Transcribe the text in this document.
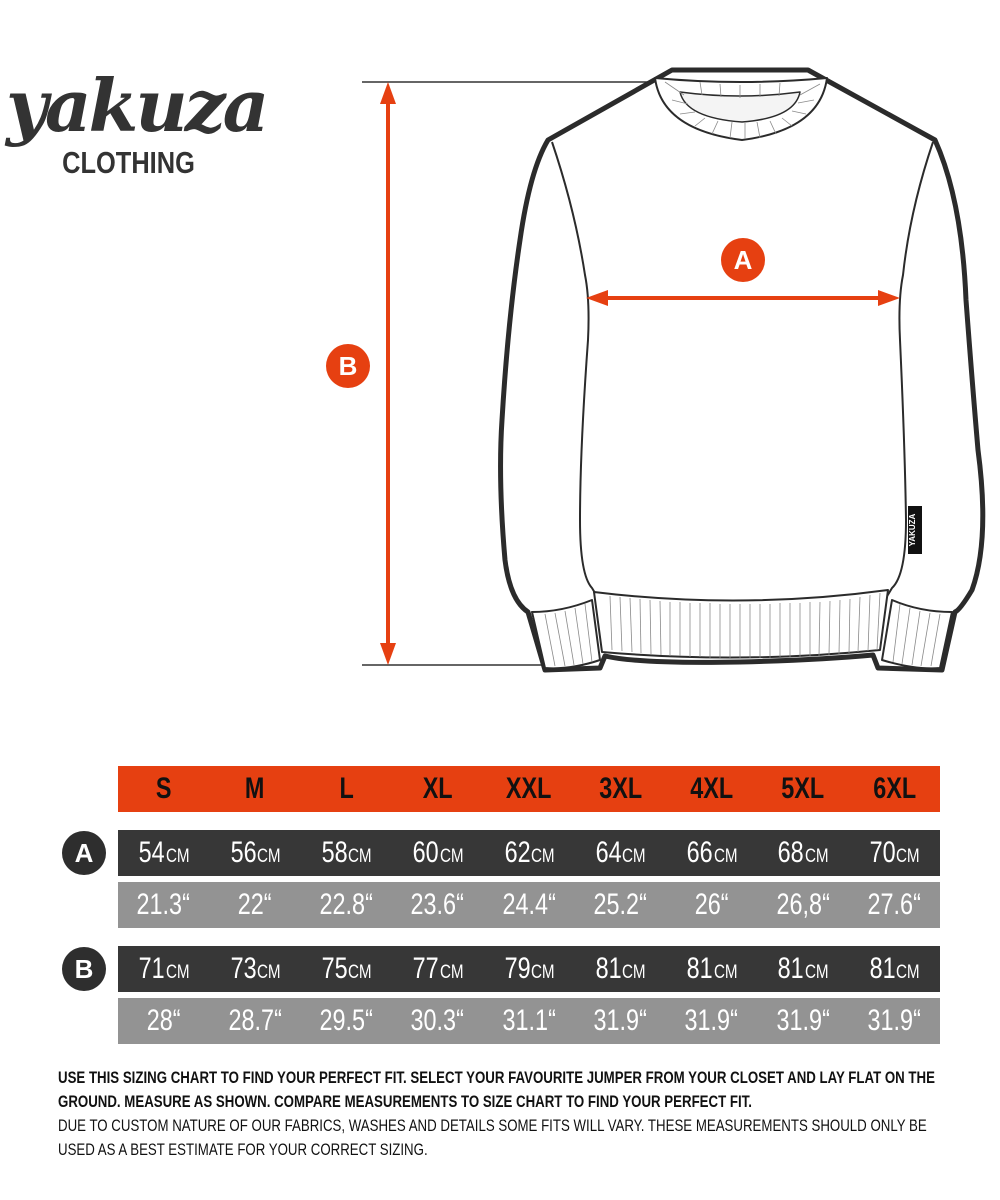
yakuza
CLOTHING
YAKUZA
A
B
S	M	L	XL	XXL	3XL	4XL	5XL	6XL
A	54CM	56CM	58CM	60CM	62CM	64CM	66CM	68CM	70CM
21.3“	22“	22.8“	23.6“	24.4“	25.2“	26“	26,8“	27.6“
B	71CM	73CM	75CM	77CM	79CM	81CM	81CM	81CM	81CM
28“	28.7“	29.5“	30.3“	31.1“	31.9“	31.9“	31.9“	31.9“
USE THIS SIZING CHART TO FIND YOUR PERFECT FIT. SELECT YOUR FAVOURITE JUMPER FROM YOUR CLOSET AND LAY FLAT ON THE GROUND. MEASURE AS SHOWN. COMPARE MEASUREMENTS TO SIZE CHART TO FIND YOUR PERFECT FIT.
DUE TO CUSTOM NATURE OF OUR FABRICS, WASHES AND DETAILS SOME FITS WILL VARY. THESE MEASUREMENTS SHOULD ONLY BE USED AS A BEST ESTIMATE FOR YOUR CORRECT SIZING.
